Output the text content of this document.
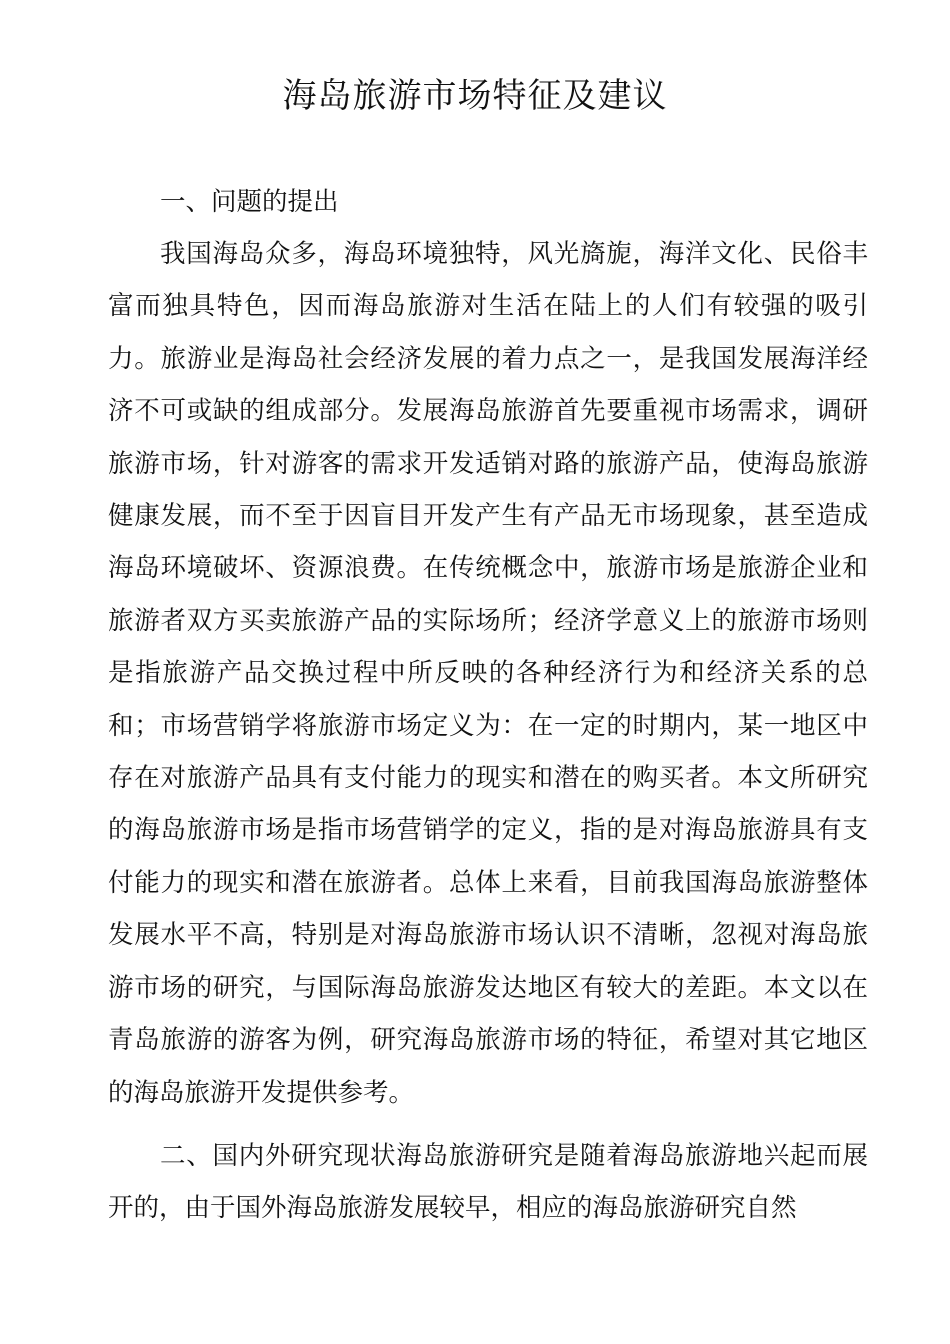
海岛旅游市场特征及建议

一、问题的提出

我国海岛众多，海岛环境独特，风光旖旎，海洋文化、民俗丰富而独具特色，因而海岛旅游对生活在陆上的人们有较强的吸引力。旅游业是海岛社会经济发展的着力点之一，是我国发展海洋经济不可或缺的组成部分。发展海岛旅游首先要重视市场需求，调研旅游市场，针对游客的需求开发适销对路的旅游产品，使海岛旅游健康发展，而不至于因盲目开发产生有产品无市场现象，甚至造成海岛环境破坏、资源浪费。在传统概念中，旅游市场是旅游企业和旅游者双方买卖旅游产品的实际场所；经济学意义上的旅游市场则是指旅游产品交换过程中所反映的各种经济行为和经济关系的总和；市场营销学将旅游市场定义为：在一定的时期内，某一地区中存在对旅游产品具有支付能力的现实和潜在的购买者。本文所研究的海岛旅游市场是指市场营销学的定义，指的是对海岛旅游具有支付能力的现实和潜在旅游者。总体上来看，目前我国海岛旅游整体发展水平不高，特别是对海岛旅游市场认识不清晰，忽视对海岛旅游市场的研究，与国际海岛旅游发达地区有较大的差距。本文以在青岛旅游的游客为例，研究海岛旅游市场的特征，希望对其它地区的海岛旅游开发提供参考。

二、国内外研究现状海岛旅游研究是随着海岛旅游地兴起而展开的，由于国外海岛旅游发展较早，相应的海岛旅游研究自然
